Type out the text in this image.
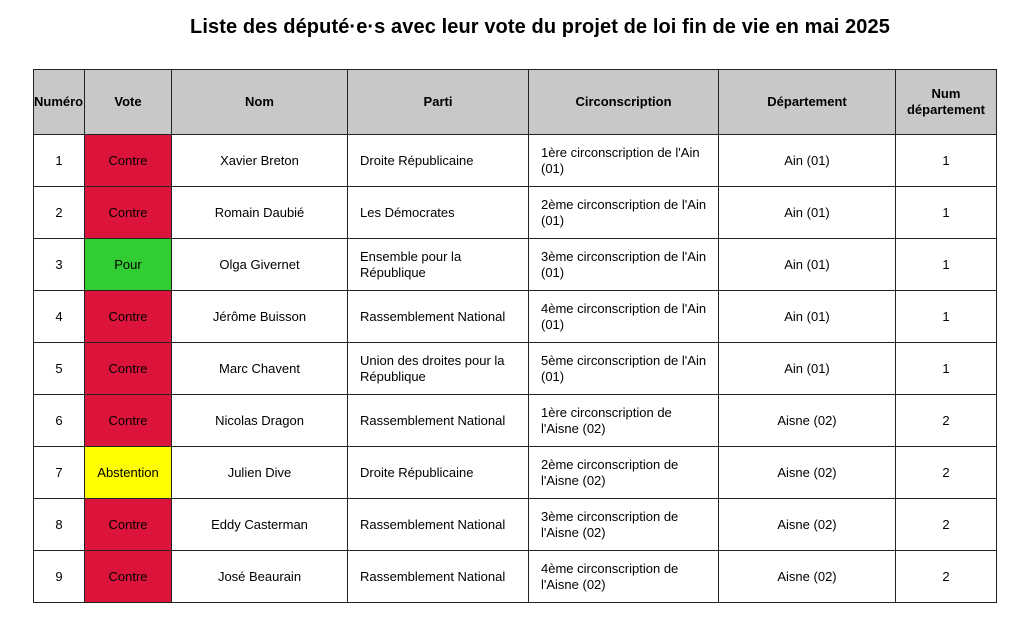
Liste des député·e·s avec leur vote du projet de loi fin de vie en mai 2025
Numéro	Vote	Nom	Parti	Circonscription	Département	Num département
1	Contre	Xavier Breton	Droite Républicaine	1ère circonscription de l'Ain (01)	Ain (01)	1
2	Contre	Romain Daubié	Les Démocrates	2ème circonscription de l'Ain (01)	Ain (01)	1
3	Pour	Olga Givernet	Ensemble pour la République	3ème circonscription de l'Ain (01)	Ain (01)	1
4	Contre	Jérôme Buisson	Rassemblement National	4ème circonscription de l'Ain (01)	Ain (01)	1
5	Contre	Marc Chavent	Union des droites pour la République	5ème circonscription de l'Ain (01)	Ain (01)	1
6	Contre	Nicolas Dragon	Rassemblement National	1ère circonscription de l'Aisne (02)	Aisne (02)	2
7	Abstention	Julien Dive	Droite Républicaine	2ème circonscription de l'Aisne (02)	Aisne (02)	2
8	Contre	Eddy Casterman	Rassemblement National	3ème circonscription de l'Aisne (02)	Aisne (02)	2
9	Contre	José Beaurain	Rassemblement National	4ème circonscription de l'Aisne (02)	Aisne (02)	2
